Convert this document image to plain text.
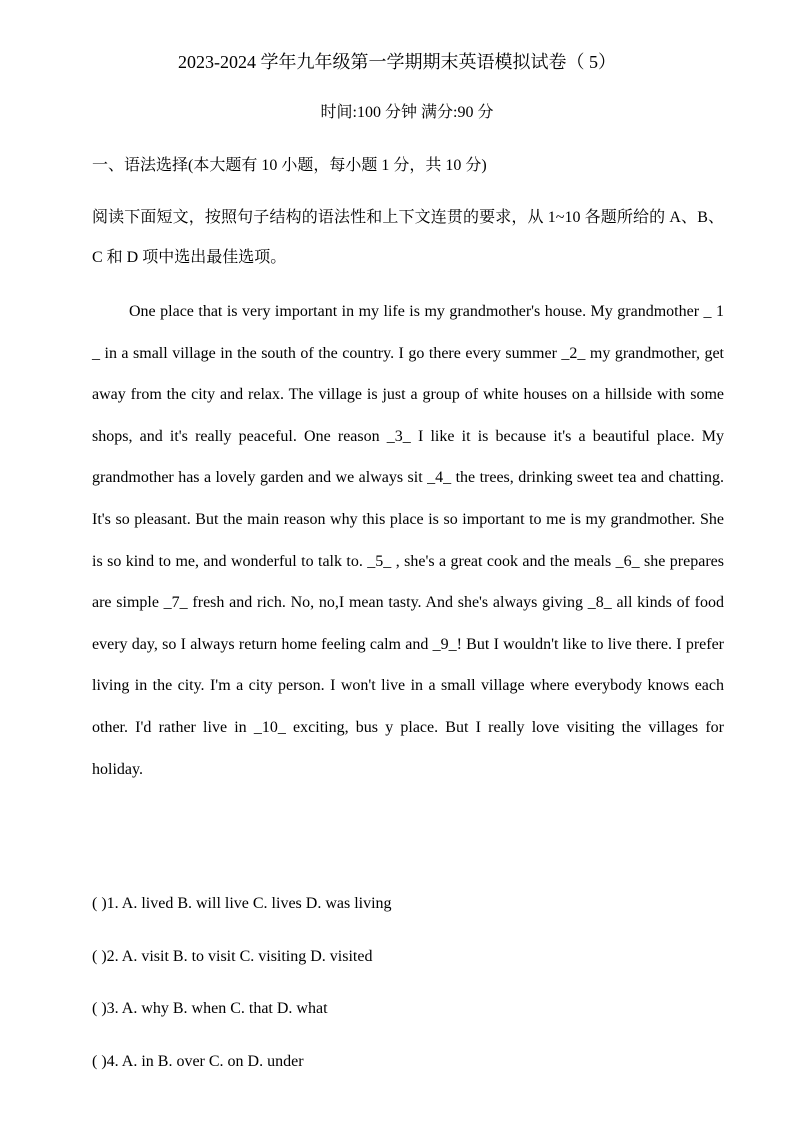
2023-2024 学年九年级第一学期期末英语模拟试卷（ 5）
时间:100 分钟 满分:90 分
一、语法选择(本大题有 10 小题，每小题 1 分，共 10 分)
阅读下面短文，按照句子结构的语法性和上下文连贯的要求，从 1~10 各题所给的 A、B、C 和 D 项中选出最佳选项。
One place that is very important in my life is my grandmother's house. My grandmother _ 1 _ in a small village in the south of the country. I go there every summer _2_ my grandmother, get away from the city and relax. The village is just a group of white houses on a hillside with some shops, and it's really peaceful. One reason _3_ I like it is because it's a beautiful place. My grandmother has a lovely garden and we always sit _4_ the trees, drinking sweet tea and chatting. It's so pleasant. But the main reason why this place is so important to me is my grandmother. She is so kind to me, and wonderful to talk to. _5_ , she's a great cook and the meals _6_ she prepares are simple _7_ fresh and rich. No, no,I mean tasty. And she's always giving _8_ all kinds of food every day, so I always return home feeling calm and _9_! But I wouldn't like to live there. I prefer living in the city. I'm a city person. I won't live in a small village where everybody knows each other. I'd rather live in _10_ exciting, bus y place. But I really love visiting the villages for holiday.
( )1. A. lived B. will live C. lives D. was living
( )2. A. visit B. to visit C. visiting D. visited
( )3. A. why B. when C. that D. what
( )4. A. in B. over C. on D. under
